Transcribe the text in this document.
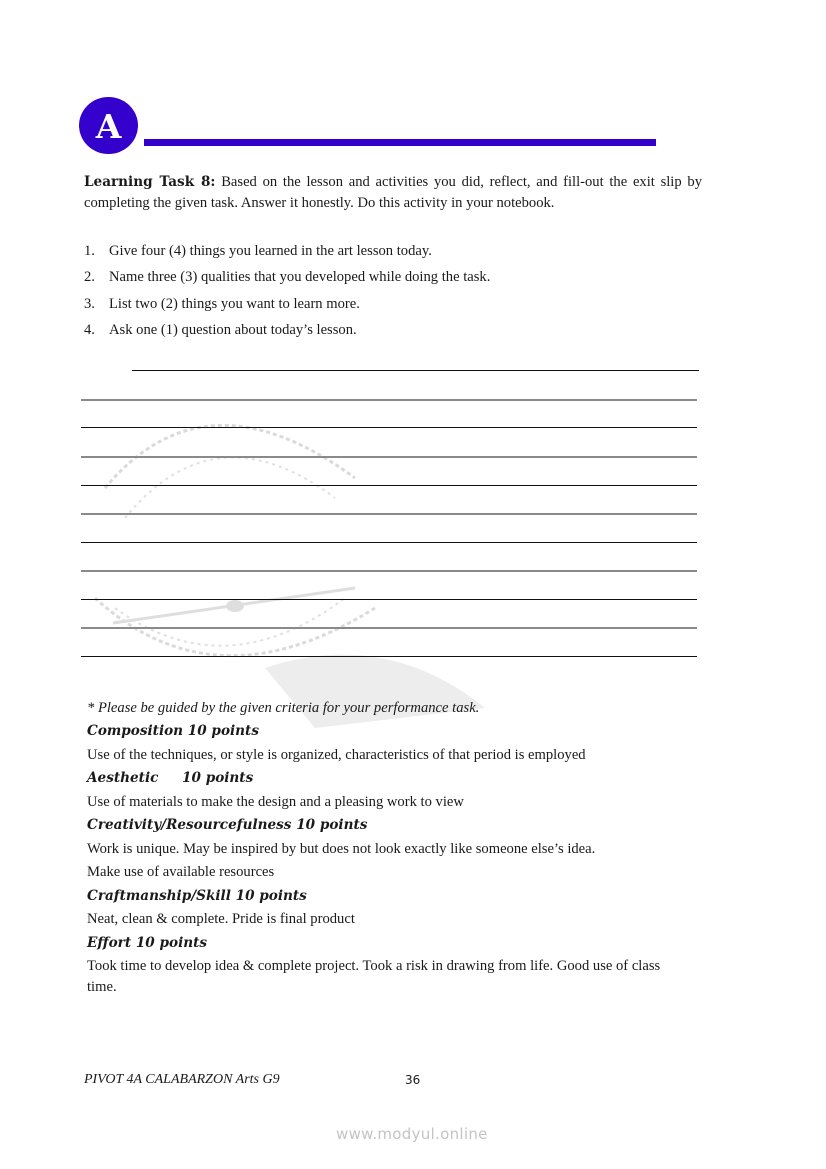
A
Learning Task 8: Based on the lesson and activities you did, reflect, and fill-out the exit slip by completing the given task. Answer it honestly. Do this activity in your notebook.
1. Give four (4) things you learned in the art lesson today.
2. Name three (3) qualities that you developed while doing the task.
3. List two (2) things you want to learn more.
4. Ask one (1) question about today’s lesson.
* Please be guided by the given criteria for your performance task.
Composition 10 points
Use of the techniques, or style is organized, characteristics of that period is employed
Aesthetic     10 points
Use of materials to make the design and a pleasing work to view
Creativity/Resourcefulness 10 points
Work is unique. May be inspired by but does not look exactly like someone else’s idea.
Make use of available resources
Craftmanship/Skill 10 points
Neat, clean & complete. Pride is final product
Effort 10 points
Took time to develop idea & complete project. Took a risk in drawing from life. Good use of class time.
PIVOT 4A CALABARZON Arts G9	36
www.modyul.online
